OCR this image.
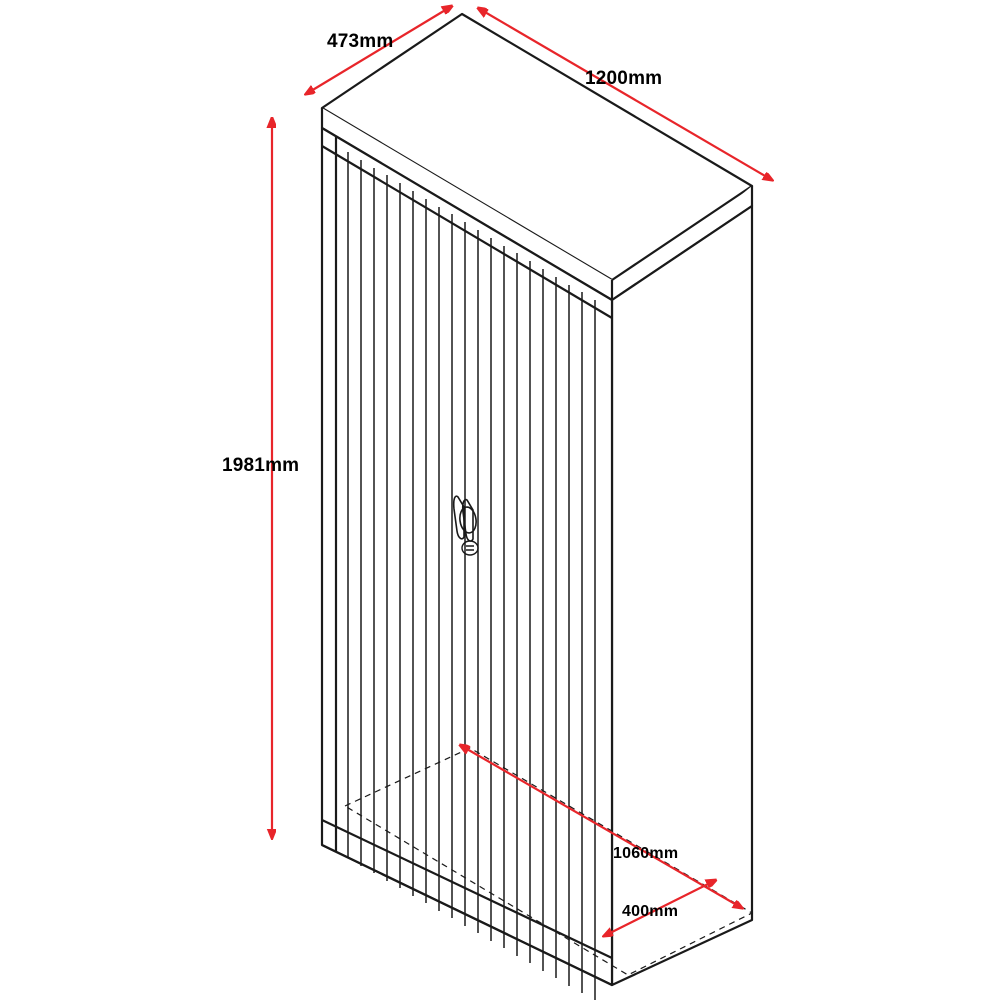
1200mm
473mm
1981mm
1060mm
400mm
